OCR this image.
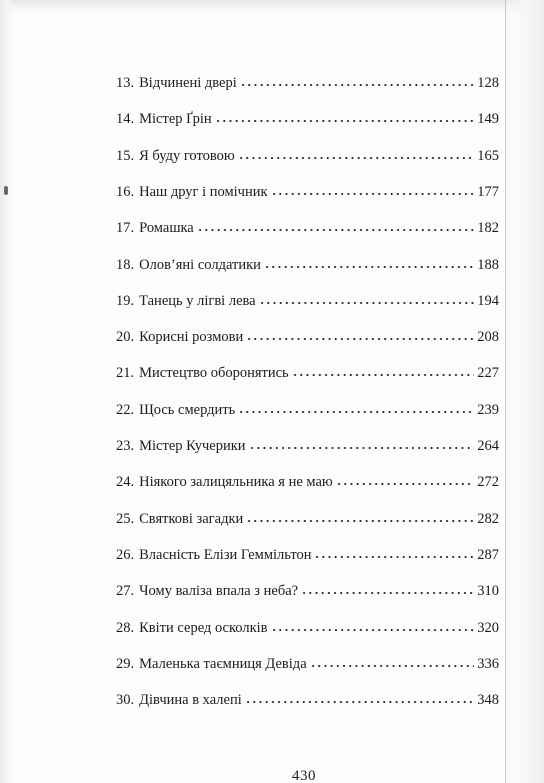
13. Відчинені двері	128
14. Містер Ґрін	149
15. Я буду готовою	165
16. Наш друг і помічник	177
17. Ромашка	182
18. Олов’яні солдатики	188
19. Танець у лігві лева	194
20. Корисні розмови	208
21. Мистецтво оборонятись	227
22. Щось смердить	239
23. Містер Кучерики	264
24. Ніякого залицяльника я не маю	272
25. Святкові загадки	282
26. Власність Елізи Геммільтон	287
27. Чому валіза впала з неба?	310
28. Квіти серед осколків	320
29. Маленька таємниця Девіда	336
30. Дівчина в халепі	348
430
